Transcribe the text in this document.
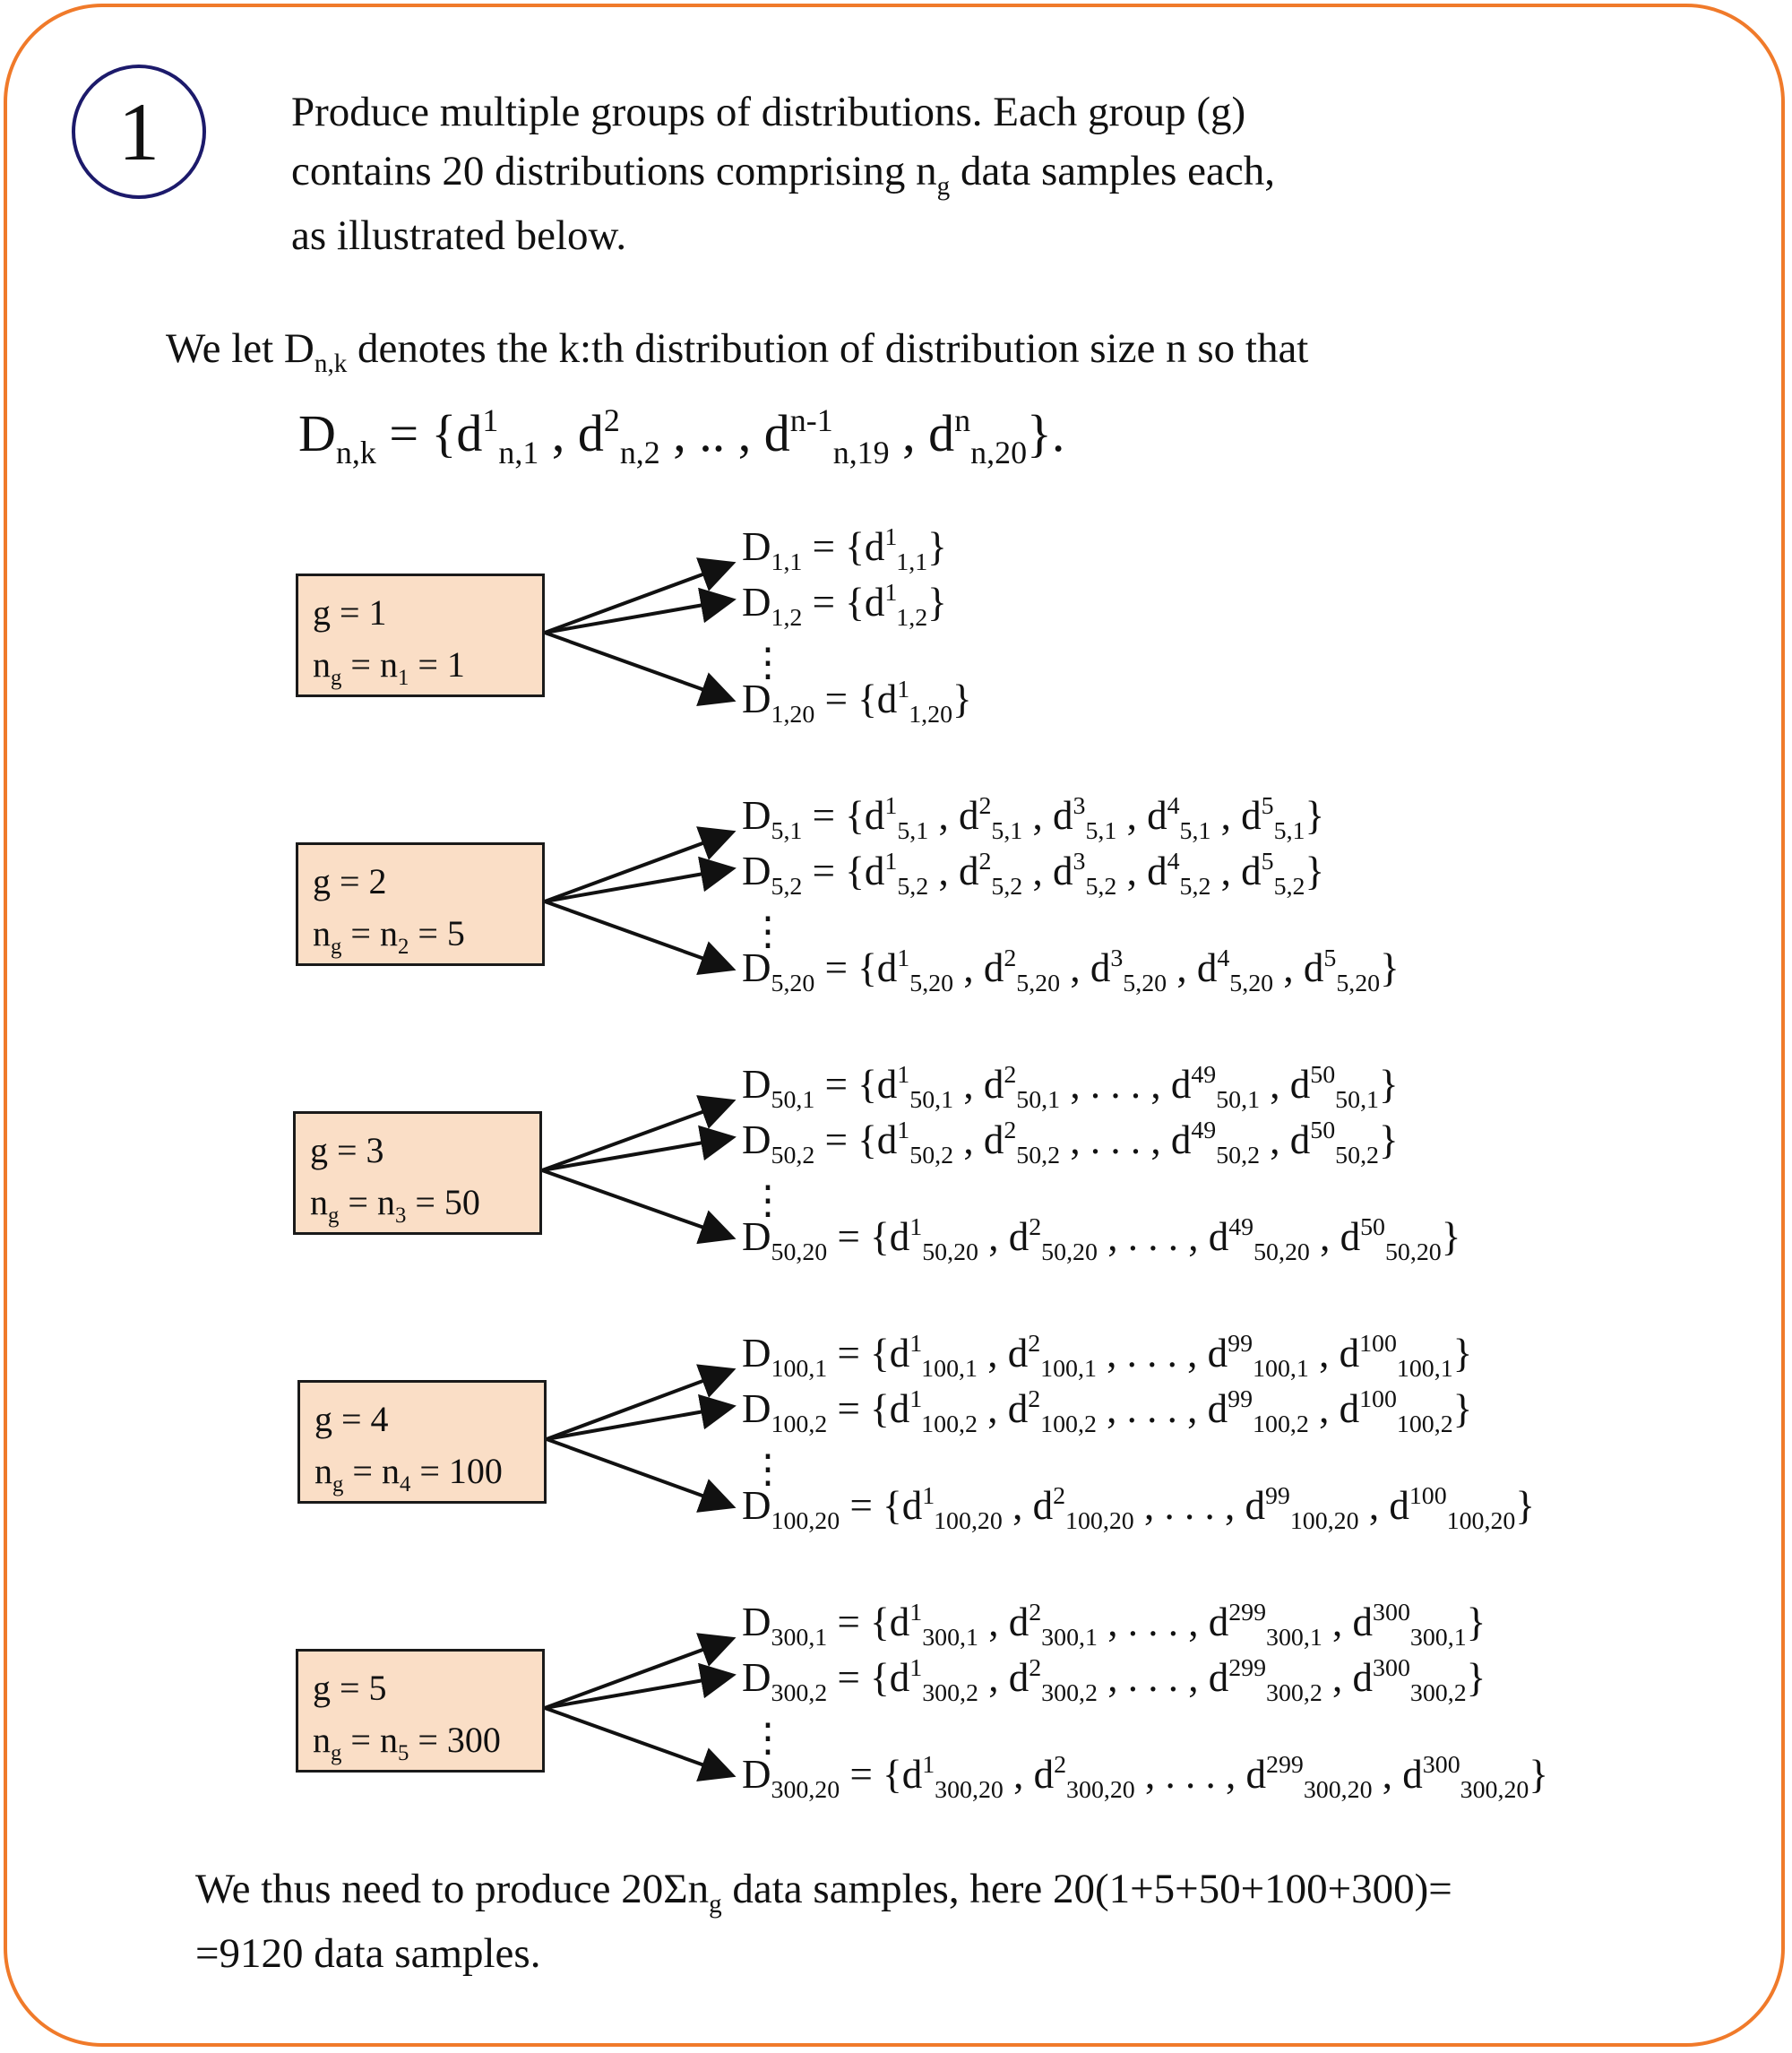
1	Produce multiple groups of distributions. Each group (g)
contains 20 distributions comprising $n_g$ data samples each,
as illustrated below.
We let $D_{n,k}$ denotes the k:th distribution of distribution size n so that
$D_{n,k} = \{d^1_{n,1}$ , $d^2_{n,2}$ , .. , $d^{n-1}_{n,19}$ , $d^n_{n,20}$}.
g = 1
$n_g = n_1 = 1$
$D_{1,1} = \{d^1_{1,1}\}$
$D_{1,2} = \{d^1_{1,2}\}$
$D_{1,20} = \{d^1_{1,20}\}$
⋮
g = 2
$n_g = n_2 = 5$
$D_{5,1} = \{d^1_{5,1}$ , $d^2_{5,1}$ , $d^3_{5,1}$ , $d^4_{5,1}$ , $d^5_{5,1}$}
$D_{5,2} = \{d^1_{5,2}$ , $d^2_{5,2}$ , $d^3_{5,2}$ , $d^4_{5,2}$ , $d^5_{5,2}$}
$D_{5,20} = \{d^1_{5,20}$ , $d^2_{5,20}$ , $d^3_{5,20}$ , $d^4_{5,20}$ , $d^5_{5,20}$}
⋮
g = 3
$n_g = n_3 = 50$
$D_{50,1} = \{d^1_{50,1}$ , $d^2_{50,1}$ , . . . , $d^{49}_{50,1}$ , $d^{50}_{50,1}$}
$D_{50,2} = \{d^1_{50,2}$ , $d^2_{50,2}$ , . . . , $d^{49}_{50,2}$ , $d^{50}_{50,2}$}
$D_{50,20} = \{d^1_{50,20}$ , $d^2_{50,20}$ , . . . , $d^{49}_{50,20}$ , $d^{50}_{50,20}$}
⋮
g = 4
$n_g = n_4 = 100$
$D_{100,1} = \{d^1_{100,1}$ , $d^2_{100,1}$ , . . . , $d^{99}_{100,1}$ , $d^{100}_{100,1}$}
$D_{100,2} = \{d^1_{100,2}$ , $d^2_{100,2}$ , . . . , $d^{99}_{100,2}$ , $d^{100}_{100,2}$}
$D_{100,20} = \{d^1_{100,20}$ , $d^2_{100,20}$ , . . . , $d^{99}_{100,20}$ , $d^{100}_{100,20}$}
⋮
g = 5
$n_g = n_5 = 300$
$D_{300,1} = \{d^1_{300,1}$ , $d^2_{300,1}$ , . . . , $d^{299}_{300,1}$ , $d^{300}_{300,1}$}
$D_{300,2} = \{d^1_{300,2}$ , $d^2_{300,2}$ , . . . , $d^{299}_{300,2}$ , $d^{300}_{300,2}$}
$D_{300,20} = \{d^1_{300,20}$ , $d^2_{300,20}$ , . . . , $d^{299}_{300,20}$ , $d^{300}_{300,20}$}
⋮
We thus need to produce $20\Sigma n_g$ data samples, here 20(1+5+50+100+300)=
=9120 data samples.
